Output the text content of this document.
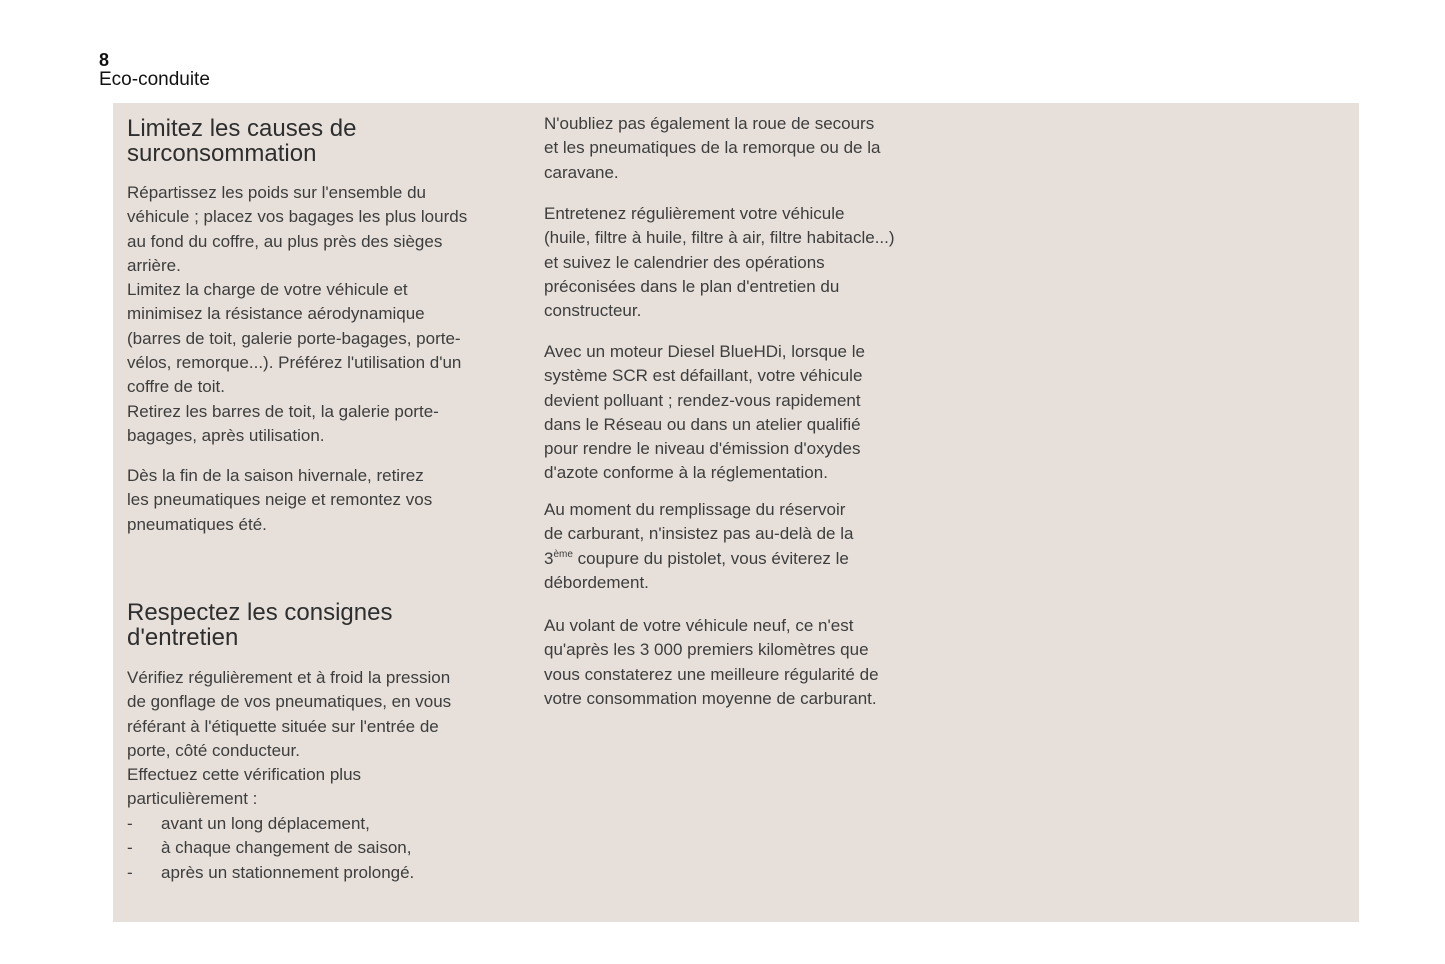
8
Eco-conduite
Limitez les causes de
surconsommation

Répartissez les poids sur l'ensemble du
véhicule ; placez vos bagages les plus lourds
au fond du coffre, au plus près des sièges
arrière.
Limitez la charge de votre véhicule et
minimisez la résistance aérodynamique
(barres de toit, galerie porte-bagages, porte-
vélos, remorque...). Préférez l'utilisation d'un
coffre de toit.
Retirez les barres de toit, la galerie porte-
bagages, après utilisation.

Dès la fin de la saison hivernale, retirez
les pneumatiques neige et remontez vos
pneumatiques été.

Respectez les consignes
d'entretien

Vérifiez régulièrement et à froid la pression
de gonflage de vos pneumatiques, en vous
référant à l'étiquette située sur l'entrée de
porte, côté conducteur.
Effectuez cette vérification plus
particulièrement :

- avant un long déplacement,
- à chaque changement de saison,
- après un stationnement prolongé.

N'oubliez pas également la roue de secours
et les pneumatiques de la remorque ou de la
caravane.

Entretenez régulièrement votre véhicule
(huile, filtre à huile, filtre à air, filtre habitacle...)
et suivez le calendrier des opérations
préconisées dans le plan d'entretien du
constructeur.

Avec un moteur Diesel BlueHDi, lorsque le
système SCR est défaillant, votre véhicule
devient polluant ; rendez-vous rapidement
dans le Réseau ou dans un atelier qualifié
pour rendre le niveau d'émission d'oxydes
d'azote conforme à la réglementation.

Au moment du remplissage du réservoir
de carburant, n'insistez pas au-delà de la
3ème coupure du pistolet, vous éviterez le
débordement.

Au volant de votre véhicule neuf, ce n'est
qu'après les 3 000 premiers kilomètres que
vous constaterez une meilleure régularité de
votre consommation moyenne de carburant.
